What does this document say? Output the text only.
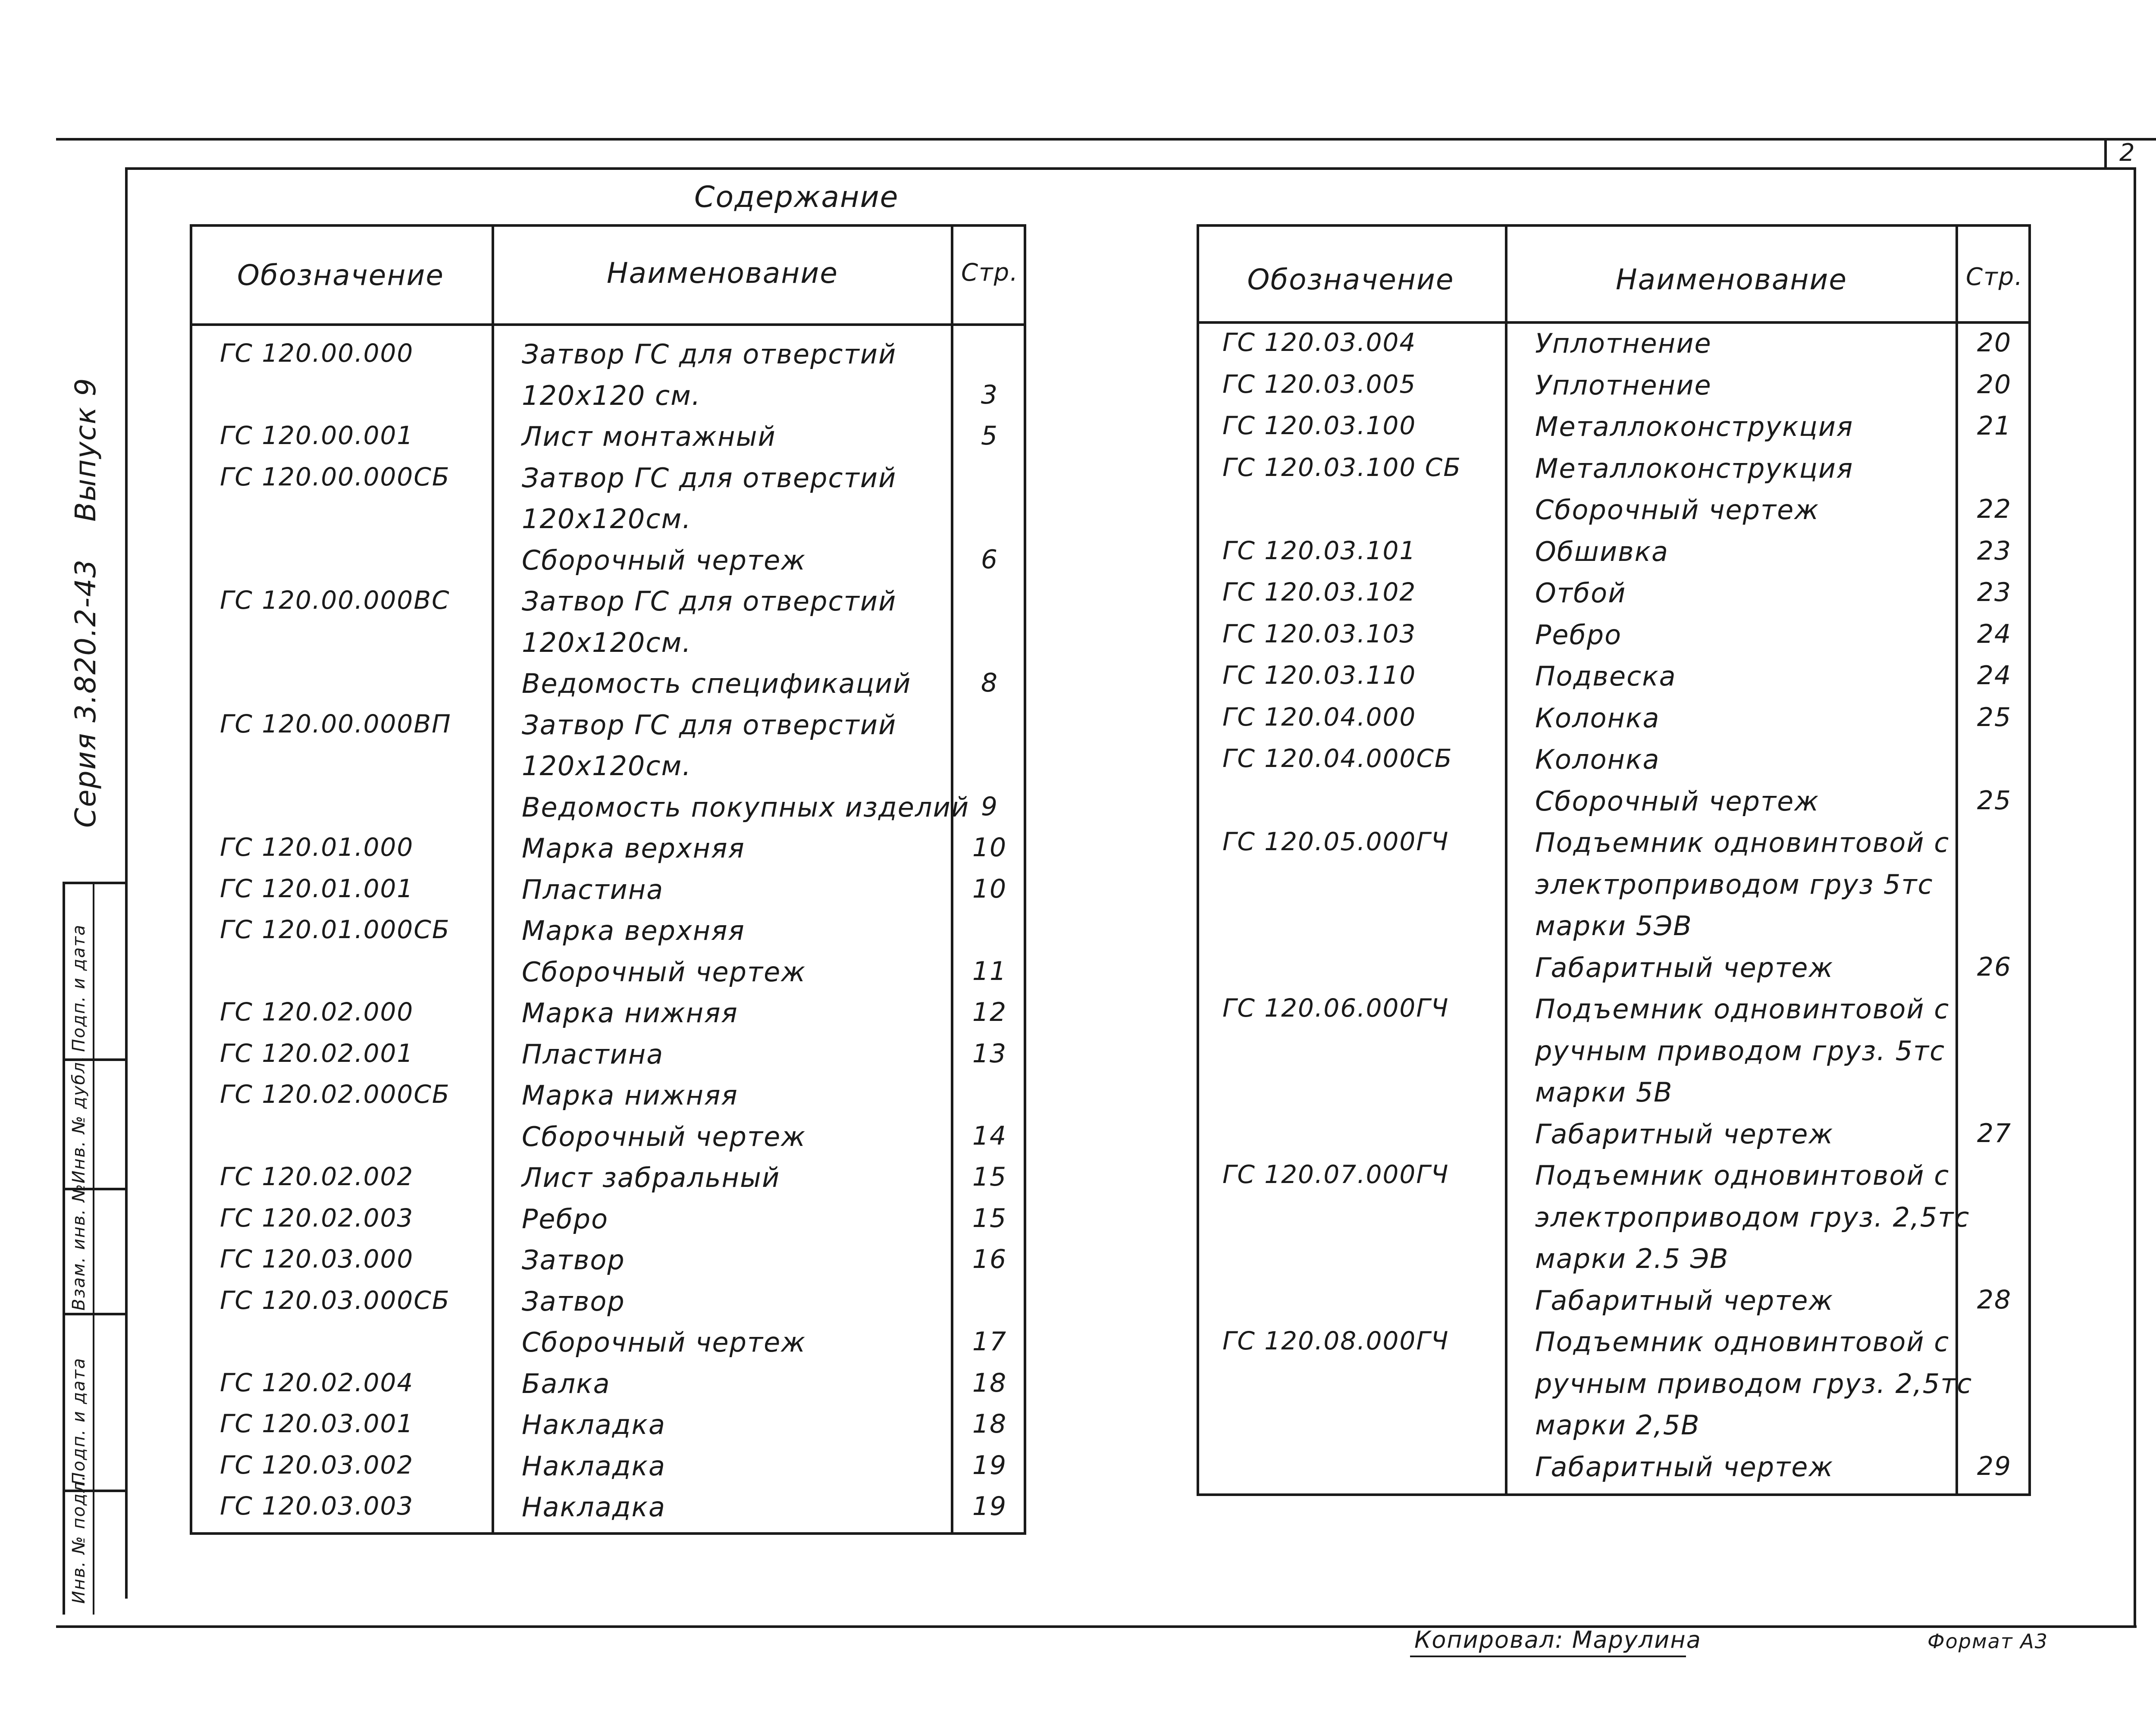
2
Подп. и дата
Инв. № дубл.
Взам. инв. №
Подп. и дата
Инв. № подл.
Серия 3.820.2-43
Выпуск 9
Содержание
Обозначение	Наименование	Стр.
ГС 120.00.000	Затвор ГС для отверстий
120х120 см.	3
ГС 120.00.001	Лист монтажный	5
ГС 120.00.000СБ	Затвор ГС для отверстий
120х120см.
Сборочный чертеж	6
ГС 120.00.000ВС	Затвор ГС для отверстий
120х120см.
Ведомость спецификаций	8
ГС 120.00.000ВП	Затвор ГС для отверстий
120х120см.
Ведомость покупных изделий 9
ГС 120.01.000	Марка верхняя	10
ГС 120.01.001	Пластина	10
ГС 120.01.000СБ	Марка верхняя
Сборочный чертеж	11
ГС 120.02.000	Марка нижняя	12
ГС 120.02.001	Пластина	13
ГС 120.02.000СБ	Марка нижняя
Сборочный чертеж	14
ГС 120.02.002	Лист забральный	15
ГС 120.02.003	Ребро	15
ГС 120.03.000	Затвор	16
ГС 120.03.000СБ	Затвор
Сборочный чертеж	17
ГС 120.02.004	Балка	18
ГС 120.03.001	Накладка	18
ГС 120.03.002	Накладка	19
ГС 120.03.003	Накладка	19
Обозначение	Наименование	Стр.
ГС 120.03.004	Уплотнение	20
ГС 120.03.005	Уплотнение	20
ГС 120.03.100	Металлоконструкция	21
ГС 120.03.100 СБ	Металлоконструкция
Сборочный чертеж	22
ГС 120.03.101	Обшивка	23
ГС 120.03.102	Отбой	23
ГС 120.03.103	Ребро	24
ГС 120.03.110	Подвеска	24
ГС 120.04.000	Колонка	25
ГС 120.04.000СБ	Колонка
Сборочный чертеж	25
ГС 120.05.000ГЧ	Подъемник одновинтовой с
электроприводом груз 5тс
марки 5ЭВ
Габаритный чертеж	26
ГС 120.06.000ГЧ	Подъемник одновинтовой с
ручным приводом груз. 5тс
марки 5В
Габаритный чертеж	27
ГС 120.07.000ГЧ	Подъемник одновинтовой с
электроприводом груз. 2,5тс
марки 2.5 ЭВ
Габаритный чертеж	28
ГС 120.08.000ГЧ	Подъемник одновинтовой с
ручным приводом груз. 2,5тс
марки 2,5В
Габаритный чертеж	29
Копировал: Марулина	Формат А3
